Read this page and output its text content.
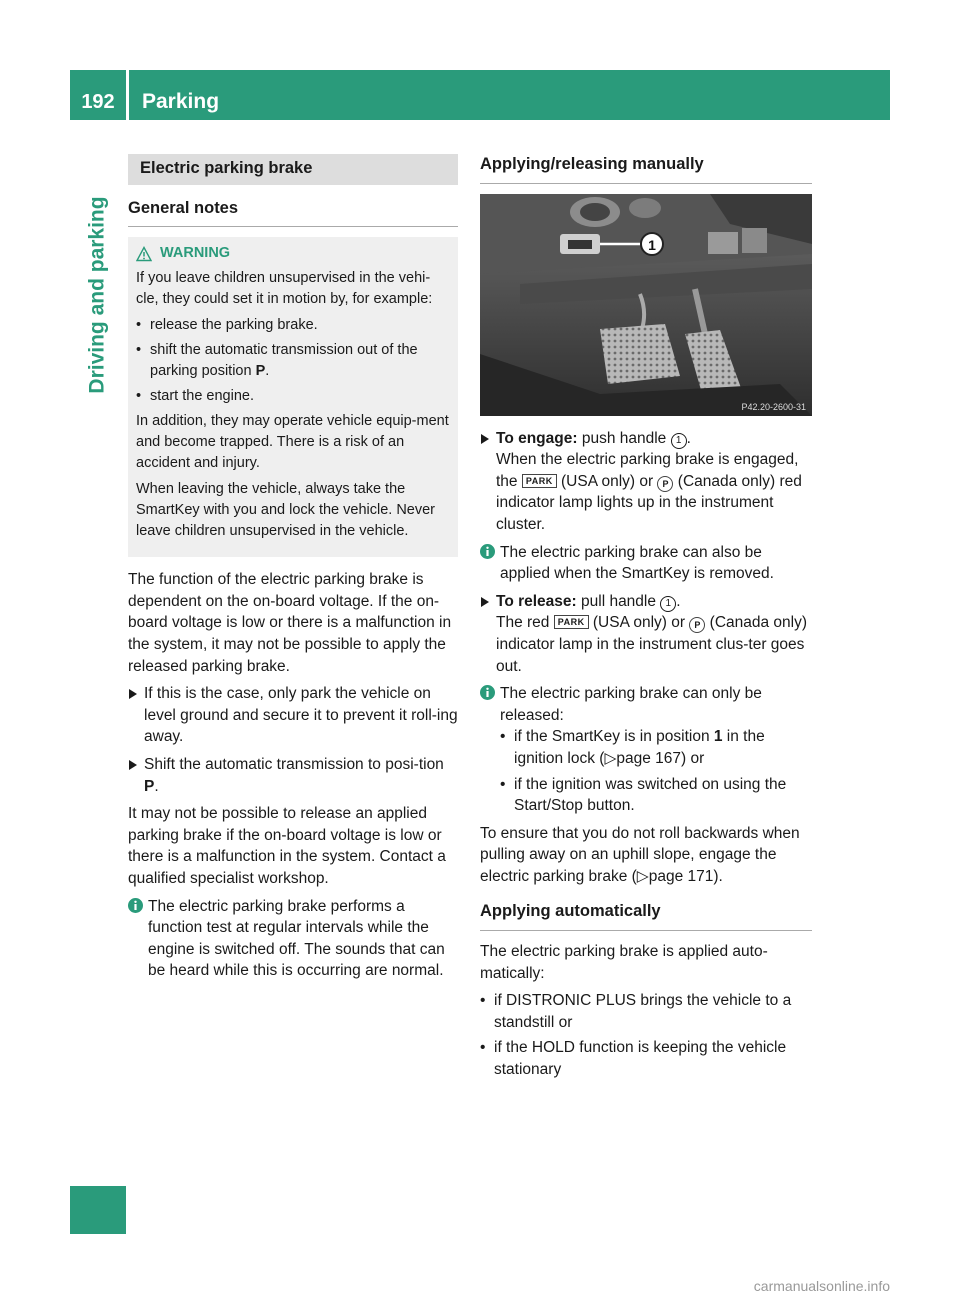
192	Parking
Driving and parking
Electric parking brake
General notes
WARNING

If you leave children unsupervised in the vehi-cle, they could set it in motion by, for example:

• release the parking brake.
• shift the automatic transmission out of the parking position P.
• start the engine.

In addition, they may operate vehicle equip-ment and become trapped. There is a risk of an accident and injury.

When leaving the vehicle, always take the SmartKey with you and lock the vehicle. Never leave children unsupervised in the vehicle.

The function of the electric parking brake is dependent on the on-board voltage. If the on-board voltage is low or there is a malfunction in the system, it may not be possible to apply the released parking brake.

If this is the case, only park the vehicle on level ground and secure it to prevent it roll-ing away.
Shift the automatic transmission to posi-tion P.

It may not be possible to release an applied parking brake if the on-board voltage is low or there is a malfunction in the system. Contact a qualified specialist workshop.

The electric parking brake performs a function test at regular intervals while the engine is switched off. The sounds that can be heard while this is occurring are normal.
Applying/releasing manually
1
P42.20-2600-31
To engage: push handle 1 .
When the electric parking brake is engaged, the PARK (USA only) or P (Canada only) red indicator lamp lights up in the instrument cluster.
The electric parking brake can also be applied when the SmartKey is removed.
To release: pull handle 1 .
The red PARK (USA only) or P (Canada only) indicator lamp in the instrument clus-ter goes out.
The electric parking brake can only be released:
• if the SmartKey is in position 1 in the ignition lock (▷page 167) or
• if the ignition was switched on using the Start/Stop button.

To ensure that you do not roll backwards when pulling away on an uphill slope, engage the electric parking brake (▷page 171).

Applying automatically

The electric parking brake is applied auto-matically:

• if DISTRONIC PLUS brings the vehicle to a standstill or
• if the HOLD function is keeping the vehicle stationary
carmanualsonline.info
